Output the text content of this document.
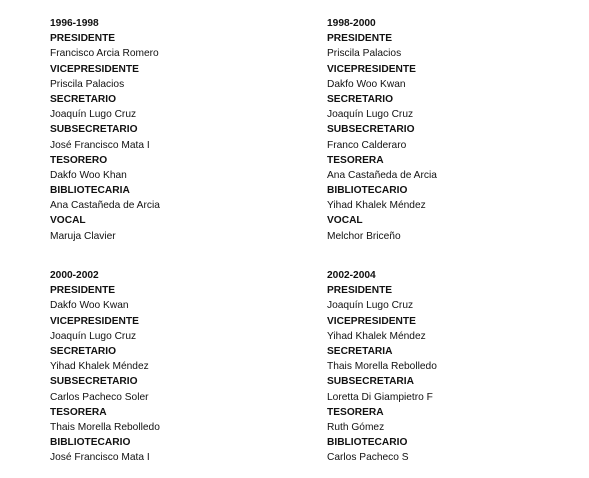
1996-1998
PRESIDENTE
Francisco Arcia Romero
VICEPRESIDENTE
Priscila Palacios
SECRETARIO
Joaquín Lugo Cruz
SUBSECRETARIO
José Francisco Mata I
TESORERO
Dakfo Woo Khan
BIBLIOTECARIA
Ana Castañeda de Arcia
VOCAL
Maruja Clavier
1998-2000
PRESIDENTE
Priscila Palacios
VICEPRESIDENTE
Dakfo Woo Kwan
SECRETARIO
Joaquín Lugo Cruz
SUBSECRETARIO
Franco Calderaro
TESORERA
Ana Castañeda de Arcia
BIBLIOTECARIO
Yihad Khalek Méndez
VOCAL
Melchor Briceño
2000-2002
PRESIDENTE
Dakfo Woo Kwan
VICEPRESIDENTE
Joaquín Lugo Cruz
SECRETARIO
Yihad Khalek Méndez
SUBSECRETARIO
Carlos Pacheco Soler
TESORERA
Thais Morella Rebolledo
BIBLIOTECARIO
José Francisco Mata I
2002-2004
PRESIDENTE
Joaquín Lugo Cruz
VICEPRESIDENTE
Yihad Khalek Méndez
SECRETARIA
Thais Morella Rebolledo
SUBSECRETARIA
Loretta Di Giampietro F
TESORERA
Ruth Gómez
BIBLIOTECARIO
Carlos Pacheco S
